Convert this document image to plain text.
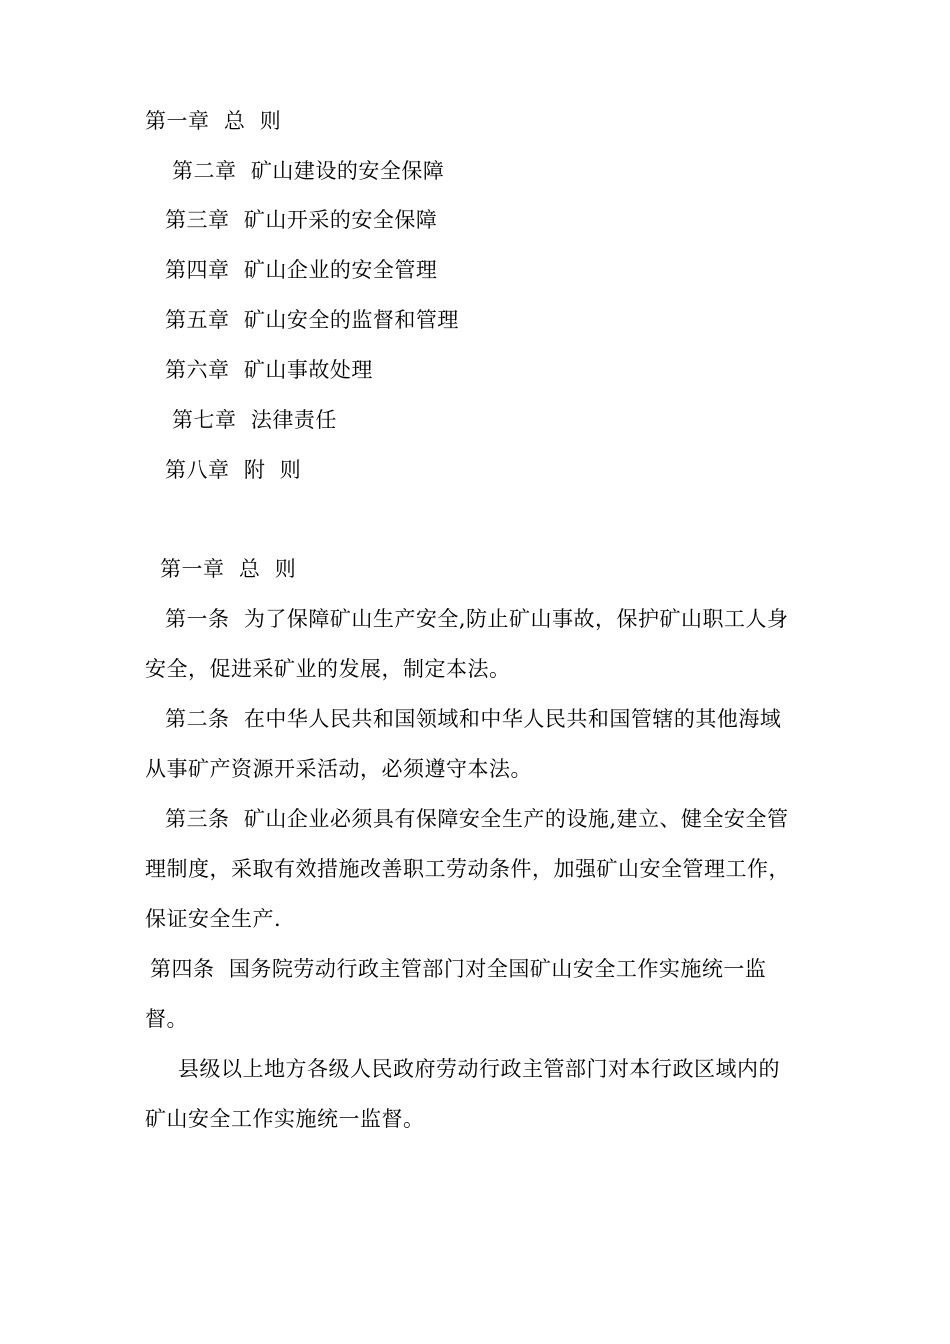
第一章  总  则
第二章  矿山建设的安全保障
第三章  矿山开采的安全保障
第四章  矿山企业的安全管理
第五章  矿山安全的监督和管理
第六章  矿山事故处理
第七章  法律责任
第八章  附  则
第一章  总  则
第一条  为了保障矿山生产安全,防止矿山事故，保护矿山职工人身
安全，促进采矿业的发展，制定本法。
第二条  在中华人民共和国领域和中华人民共和国管辖的其他海域
从事矿产资源开采活动，必须遵守本法。
第三条  矿山企业必须具有保障安全生产的设施,建立、健全安全管
理制度，采取有效措施改善职工劳动条件，加强矿山安全管理工作，
保证安全生产.
第四条  国务院劳动行政主管部门对全国矿山安全工作实施统一监
督。
县级以上地方各级人民政府劳动行政主管部门对本行政区域内的
矿山安全工作实施统一监督。
